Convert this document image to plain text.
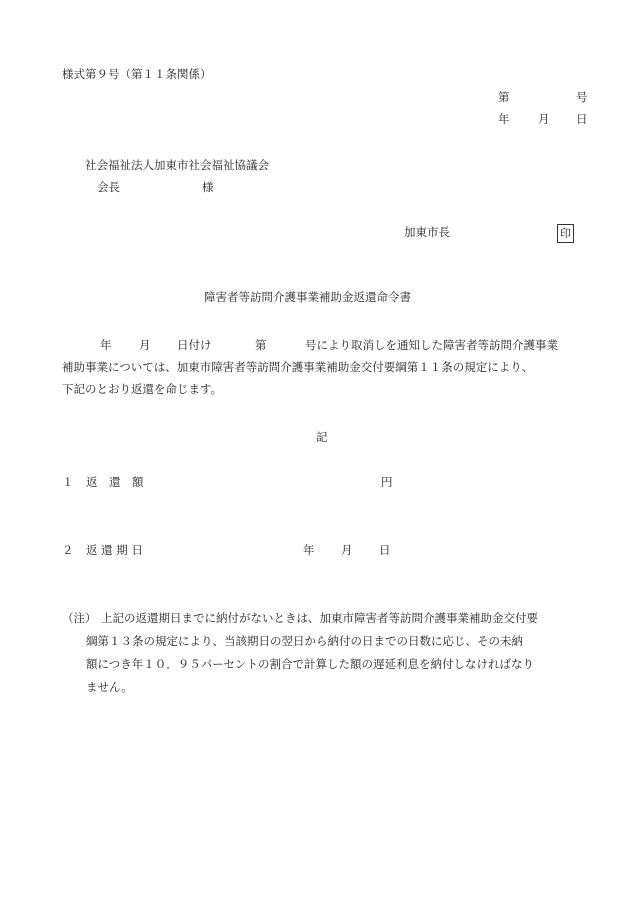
様式第９号（第１１条関係）
第	号
年 月 日
社会福祉法人加東市社会福祉協議会
会長	様
加東市長	印
障害者等訪問介護事業補助金返還命令書
年 月 日付け	第	号により取消しを通知した障害者等訪問介護事業
補助事業については、加東市障害者等訪問介護事業補助金交付要綱第１１条の規定により、
下記のとおり返還を命じます。
記
１ 返　還　額	円
２ 返 還 期 日	年 月 日
（注） 上記の返還期日までに納付がないときは、加東市障害者等訪問介護事業補助金交付要
綱第１３条の規定により、当該期日の翌日から納付の日までの日数に応じ、その未納
額につき年１０．９５パーセントの割合で計算した額の遅延利息を納付しなければなり
ません。
